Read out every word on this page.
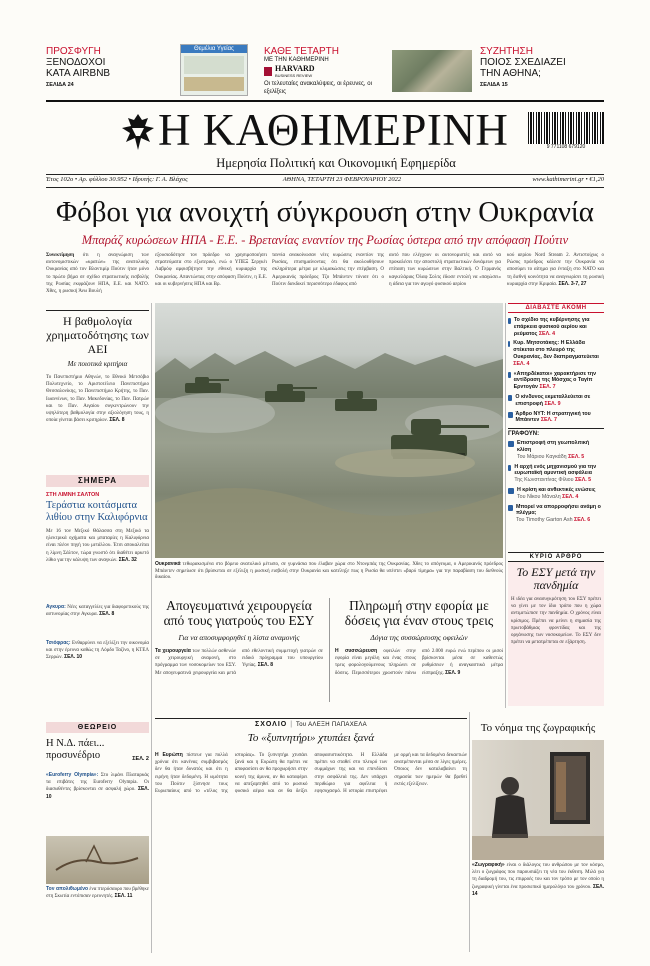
ΠΡΟΣΦΥΓΗ
ΞΕΝΟΔΟΧΟΙ
ΚΑΤΑ AIRBNB
ΣΕΛΙΔΑ 24
Θεμέλια Υγείας	ΚΑΘΕ ΤΕΤΑΡΤΗ
ΜΕ ΤΗΝ ΚΑΘΗΜΕΡΙΝΗ
HARVARD
BUSINESS REVIEW
Οι τελευταίες ανακαλύψεις, οι έρευνες, οι εξελίξεις
ΣΥΖΗΤΗΣΗ
ΠΟΙΟΣ ΣΧΕΔΙΑΖΕΙ
ΤΗΝ ΑΘΗΝΑ;
ΣΕΛΙΔΑ 15
Η ΚΑΘΗΜΕΡΙΝΗ
Ημερησία Πολιτική και Οικονομική Εφημερίδα
9 771108 679120
Έτος 102ο • Αρ. φύλλου 30.952 • Ιδρυτής: Γ. Α. Βλάχος	ΑΘΗΝΑ, ΤΕΤΑΡΤΗ 23 ΦΕΒΡΟΥΑΡΙΟΥ 2022	www.kathimerini.gr • €1,20
Φόβοι για ανοιχτή σύγκρουση στην Ουκρανία
Μπαράζ κυρώσεων ΗΠΑ - Ε.Ε. - Βρετανίας εναντίον της Ρωσίας ύστερα από την απόφαση Πούτιν
Συνεκτίμηση ότι η αναγνώριση των αυτονομιστικών «κρατών» της ανατολικής Ουκρανίας από τον Βλαντιμίρ Πούτιν ήταν μόνο το πρώτο βήμα σε σχέδιο στρατιωτικής εισβολής της Ρωσίας εκφράζουν ΗΠΑ, Ε.Ε. και ΝΑΤΟ. Χθες, η ρωσική Άνω Βουλή
εξουσιοδότησε τον πρόεδρο να χρησιμοποιήσει στρατεύματα στο εξωτερικό, ενώ ο ΥΠΕΞ Σεργκέι Λαβρόφ αμφισβήτησε την εθνική κυριαρχία της Ουκρανίας. Απαντώντας στην απόφαση Πούτιν, η Ε.Ε. και οι κυβερνήσεις ΗΠΑ και Βρ.
ταννία ανακοίνωσαν νέες κυρώσεις εναντίον της Ρωσίας, επισημαίνοντας ότι θα ακολουθήσουν σκληρότερα μέτρα με κλιμακώσεις την επέμβαση. Ο Αμερικανός πρόεδρος Τζο Μπάιντεν τόνισε ότι ο Πούτιν διεκδικεί περισσότερο έδαφος από
αυτό που ελέγχουν οι αυτονομιστές και αυτό να προκαλέσει την αποστολή στρατιωτικών δυνάμεων για επίταση των κυρώσεων στην Βαλτική. Ο Γερμανός καγκελάριος Όλαφ Σολτς έδωσε εντολή να «παγώσει» η άδεια για τον αγωγό φυσικού αερίου
κού αερίου Nord Stream 2. Αντιστοίχως ο Ρώσος πρόεδρος κάλεσε την Ουκρανία να αποσύρει το αίτημα για ένταξη στο ΝΑΤΟ και τη διεθνή κοινότητα να αναγνωρίσει τη ρωσική κυριαρχία στην Κριμαία. ΣΕΛ. 3-7, 27
Η βαθμολογία χρηματοδότησης των ΑΕΙ
Με ποιοτικά κριτήρια
Το Πανεπιστήμιο Αθηνών, το Εθνικό Μετσόβιο Πολυτεχνείο, το Αριστοτέλειο Πανεπιστήμιο Θεσσαλονίκης, το Πανεπιστήμιο Κρήτης, το Παν. Ιωαννίνων, το Παν. Μακεδονίας, το Παν. Πατρών και το Παν. Αιγαίου συγκεντρώνουν την υψηλότερη βαθμολογία στην αξιολόγηση τους, η οποία γίνεται βάσει κριτηρίων. ΣΕΛ. 8
ΣΗΜΕΡΑ
ΣΤΗ ΛΙΜΝΗ ΣΑΛΤΟΝ
Τεράστια κοιτάσματα λιθίου στην Καλιφόρνια
Με 16 τον Μεξικό Θάλασσα στη Μεξικό τα ηλεκτρικά οχήματα και μπαταρίες η Καλιφόρνια είναι πλέον πηγή του μετάλλου. Έτσι αποκαλείται η λίμνη Σάλτον, τώρα γνωστό ότι διαθέτει αρκετό λίθιο για την κάλυψη των αναγκών. ΣΕΛ. 32
Αγκυρα: Νέες καταγγελίες για διαφορετικούς της αστυνομίας στην Αγκυρα. ΣΕΛ. 8
Τσιόφρας: Ενθαρρύνει να εξελίξει την οικονομία και στην έρευνα καθώς τη Λόρδο Ταζίνο, η ΚΤΕΛ Σερρών. ΣΕΛ. 10
ΘΕΩΡΕΙΟ
Η Ν.Δ. πάει... προσυνέδριο	ΣΕΛ. 2
«Euroferry Olympia»: Στο λιμάνι Πλαταρκάς τα επιβάτες της Euroferry Olympia. Οι διασωθέντες βρίσκονται σε ασφαλή χώρο. ΣΕΛ. 10
Τον απολιθωμένο ένα πτερόσαυρο που βρέθηκε στη Σκωτία εντόπισαν ερευνητές. ΣΕΛ. 11
Ουκρανικά τεθωρακισμένα στο βόρειο ανατολικό μέτωπο, σε γυμνάσια που έλαβαν χώρα στο Ντονμπάς της Ουκρανίας. Χθες το απόγευμα, ο Αμερικανός πρόεδρος Μπάιντεν σημείωσε ότι βρίσκεται σε εξέλιξη η ρωσική εισβολή στην Ουκρανία και κατέληξε πως η Ρωσία θα υπέστει «βαρύ τίμημα» για την παραβίαση του διεθνούς δικαίου.
Απογευματινά χειρουργεία από τους γιατρούς του ΕΣΥ
Για να αποσυμφορηθεί η λίστα αναμονής
Τα χειρουργεία των πολλών ασθενών σε χειρουργική αναμονή, στο πρόγραμμα των νοσοκομείων του ΕΣΥ. Με απογευματινά χειρουργεία και μετά από εθελοντική συμμετοχή γιατρών σε ειδικό πρόγραμμα του υπουργείου Υγείας. ΣΕΛ. 8
Πληρωμή στην εφορία με δόσεις για έναν στους τρεις
Δόγια της συσσώρευσης οφειλών
Η συσσώρευση οφειλών στην εφορία είναι μεγάλη και ένας στους τρεις φορολογούμενους πληρώνει σε δόσεις. Περισσότεροι χρωστούν πάνω από 2.000 ευρώ ενώ περίπου οι μισοί βρίσκονται μέσα σε καθεστώς ρυθμίσεων ή αναγκαστικά μέτρα είσπραξης. ΣΕΛ. 9
ΣΧΟΛΙΟ | Του ΑΛΕΞΗ ΠΑΠΑΧΕΛΑ
Το «ξυπνητήρι» χτυπάει ξανά
Η Ευρώπη πίστευε για πολλά χρόνια ότι κανένας συμβιβασμός δεν θα ήταν δυνατός και ότι η ειρήνη ήταν δεδομένη. Η ωμότητα του Πούτιν ξύπνησε τους Ευρωπαίους από το «τέλος της ιστορίας». Το ξυπνητήρι χτυπάει ξανά και η Ευρώπη θα πρέπει να αποφασίσει αν θα προχωρήσει στην κοινή της άμυνα, αν θα καταφέρει να απεξαρτηθεί από το ρωσικό φυσικό αέριο και αν θα δείξει αποφασιστικότητα. Η Ελλάδα πρέπει να σταθεί στο πλευρό των συμμάχων της και να επενδύσει στην ασφάλειά της. Δεν υπάρχει περιθώριο για αφέλεια ή εφησυχασμό. Η ιστορία επιστρέφει με ορμή και τα δεδομένα δεκαετιών ανατρέπονται μέσα σε λίγες ημέρες. Όποιος δεν καταλαβαίνει τη σημασία των ημερών θα βρεθεί εκτός εξελίξεων.
ΔΙΑΒΑΣΤΕ ΑΚΟΜΗ
Το σχέδιο της κυβέρνησης για επάρκεια φυσικού αερίου και ρεύματος ΣΕΛ. 4
Κυρ. Μητσοτάκης: Η Ελλάδα στέκεται στο πλευρό της Ουκρανίας, δεν διαπραγματεύεται ΣΕΛ. 4
«Απηρδέκατοι» χαρακτήρισε την αντίδραση της Μόσχας ο Ταγίπ Ερντογάν ΣΕΛ. 7
Ο κίνδυνος εκμεταλλεύεται σε επιστροφή ΣΕΛ. 9
Άρθρο NYT: Η στρατηγική του Μπάιντεν ΣΕΛ. 7
ΓΡΑΦΟΥΝ:
Επιστροφή στη γεωπολιτική κλίση
Του Μάριου Καγκάδη ΣΕΛ. 5
Η αρχή ενός μηχανισμού για την ευρωπαϊκή αμυντική ασφάλεια
Της Κωνσταντίνας Φίλιου ΣΕΛ. 5
Η κρίση και ανθεκτικές ενώσεις
Του Νίκου Μάναλη ΣΕΛ. 4
Μπορεί να απορροφήσει ανάμη ο πλέγμα;
Του Timothy Garton Ash ΣΕΛ. 6
ΚΥΡΙΟ ΑΡΘΡΟ
Το ΕΣΥ μετά την πανδημία
Η ιδέα για ανασυγκρότηση του ΕΣΥ πρέπει να γίνει με τον ίδιο τρόπο που η χώρα αντιμετώπισε την πανδημία. Ο χρόνος είναι κρίσιμος. Πρέπει να μείνει η σημασία της πρωτοβάθμιας φροντίδας και της οργάνωσης των νοσοκομείων. Το ΕΣΥ δεν πρέπει να μετατρέπεται σε εξάρτηση.
Το νόημα της ζωγραφικής
«Ζωγραφική» είναι ο διάλογος του ανθρώπου με τον κόσμο, λέει ο ζωγράφος που παρουσιάζει τη νέα του έκθεση. Μιλά για τη διαδρομή του, τις επιρροές του και τον τρόπο με τον οποίο η ζωγραφική γίνεται ένα προσωπικό ημερολόγιο του χρόνου. ΣΕΛ. 14
